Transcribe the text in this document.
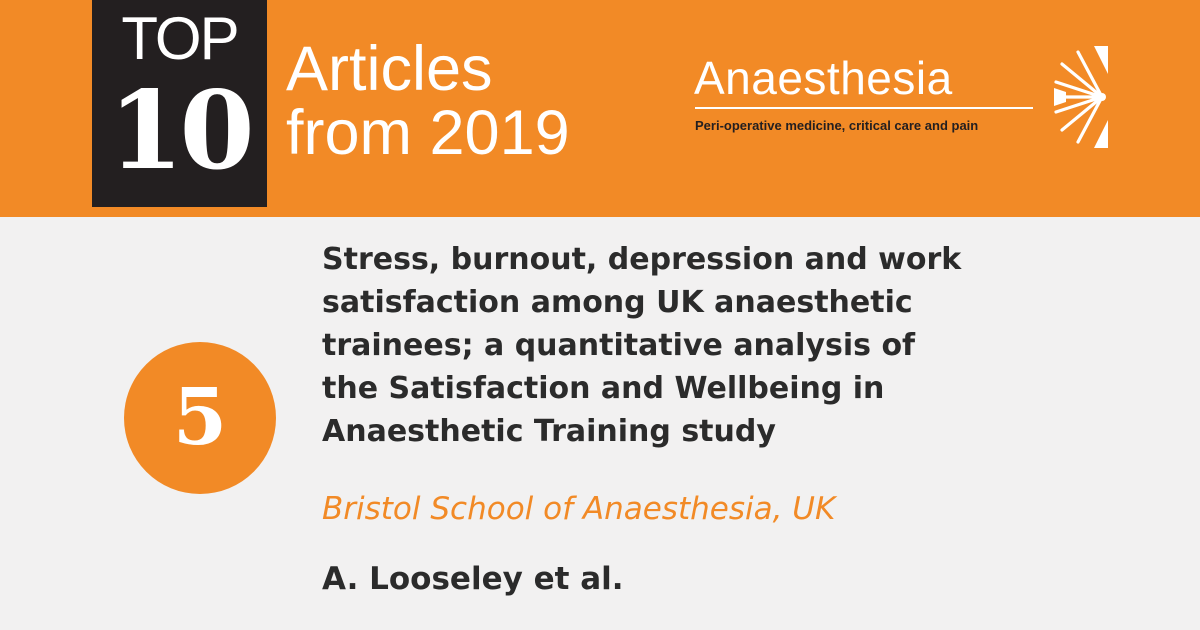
TOP
10 Articles
from 2019
Anaesthesia
Peri-operative medicine, critical care and pain
5
Stress, burnout, depression and work
satisfaction among UK anaesthetic
trainees; a quantitative analysis of
the Satisfaction and Wellbeing in
Anaesthetic Training study
Bristol School of Anaesthesia, UK
A. Looseley et al.
